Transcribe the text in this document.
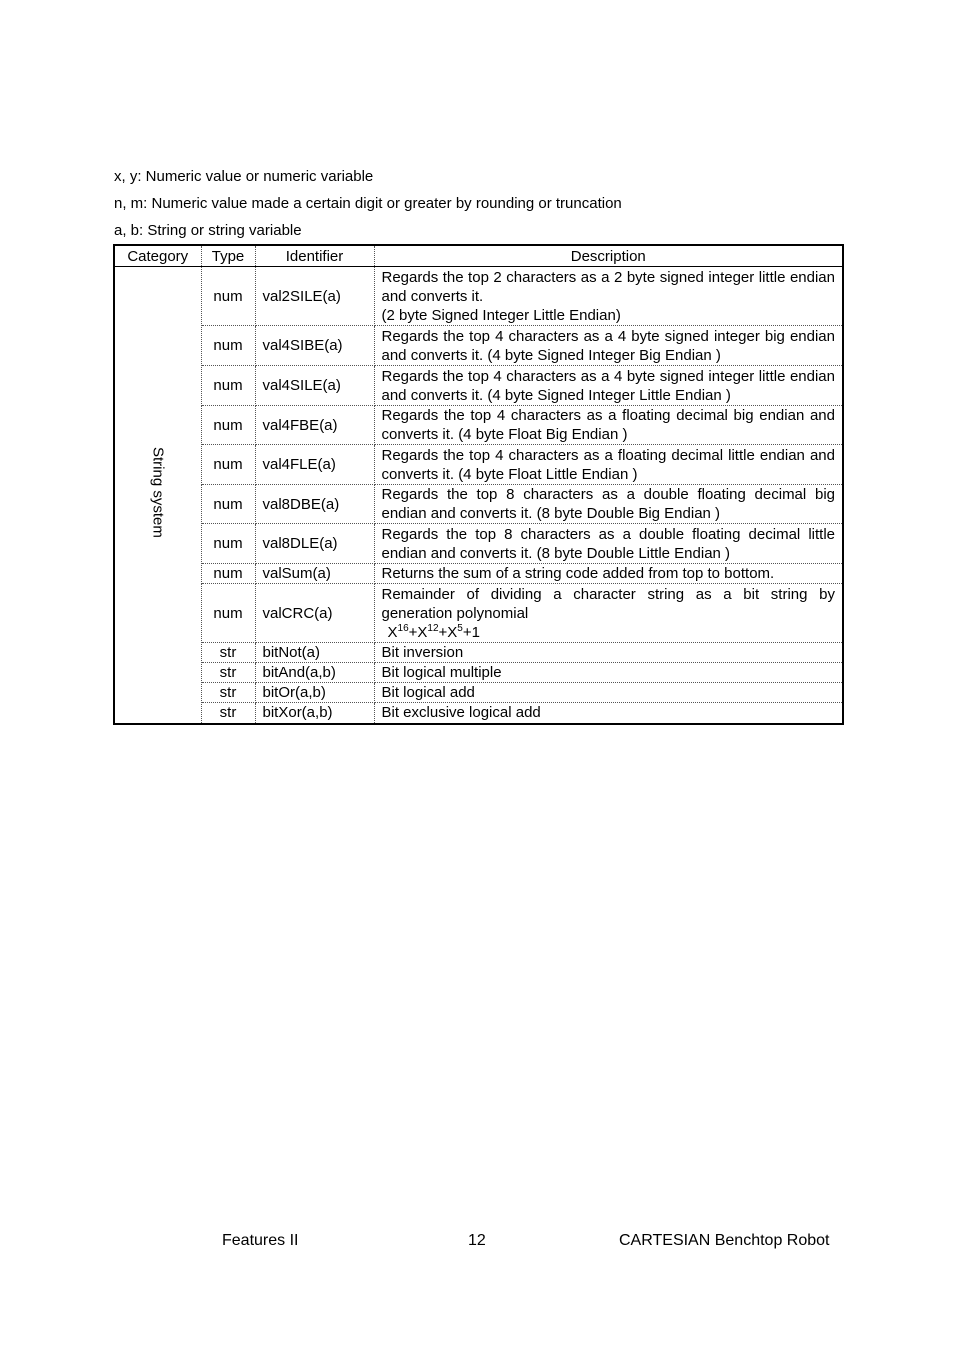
x, y: Numeric value or numeric variable
n, m: Numeric value made a certain digit or greater by rounding or truncation
a, b: String or string variable
Category	Type	Identifier	Description
String system	num	val2SILE(a)	Regards the top 2 characters as a 2 byte signed integer little endian and converts it.
(2 byte Signed Integer Little Endian)
	num	val4SIBE(a)	Regards the top 4 characters as a 4 byte signed integer big endian and converts it. (4 byte Signed Integer Big Endian )
	num	val4SILE(a)	Regards the top 4 characters as a 4 byte signed integer little endian and converts it. (4 byte Signed Integer Little Endian )
	num	val4FBE(a)	Regards the top 4 characters as a floating decimal big endian and converts it. (4 byte Float Big Endian )
	num	val4FLE(a)	Regards the top 4 characters as a floating decimal little endian and converts it. (4 byte Float Little Endian )
	num	val8DBE(a)	Regards the top 8 characters as a double floating decimal big endian and converts it. (8 byte Double Big Endian )
	num	val8DLE(a)	Regards the top 8 characters as a double floating decimal little endian and converts it. (8 byte Double Little Endian )
	num	valSum(a)	Returns the sum of a string code added from top to bottom.
	num	valCRC(a)	Remainder of dividing a character string as a bit string by generation polynomial
$X^{16}+X^{12}+X^5+1$
	str	bitNot(a)	Bit inversion
	str	bitAnd(a,b)	Bit logical multiple
	str	bitOr(a,b)	Bit logical add
	str	bitXor(a,b)	Bit exclusive logical add
Features II	12	CARTESIAN Benchtop Robot
